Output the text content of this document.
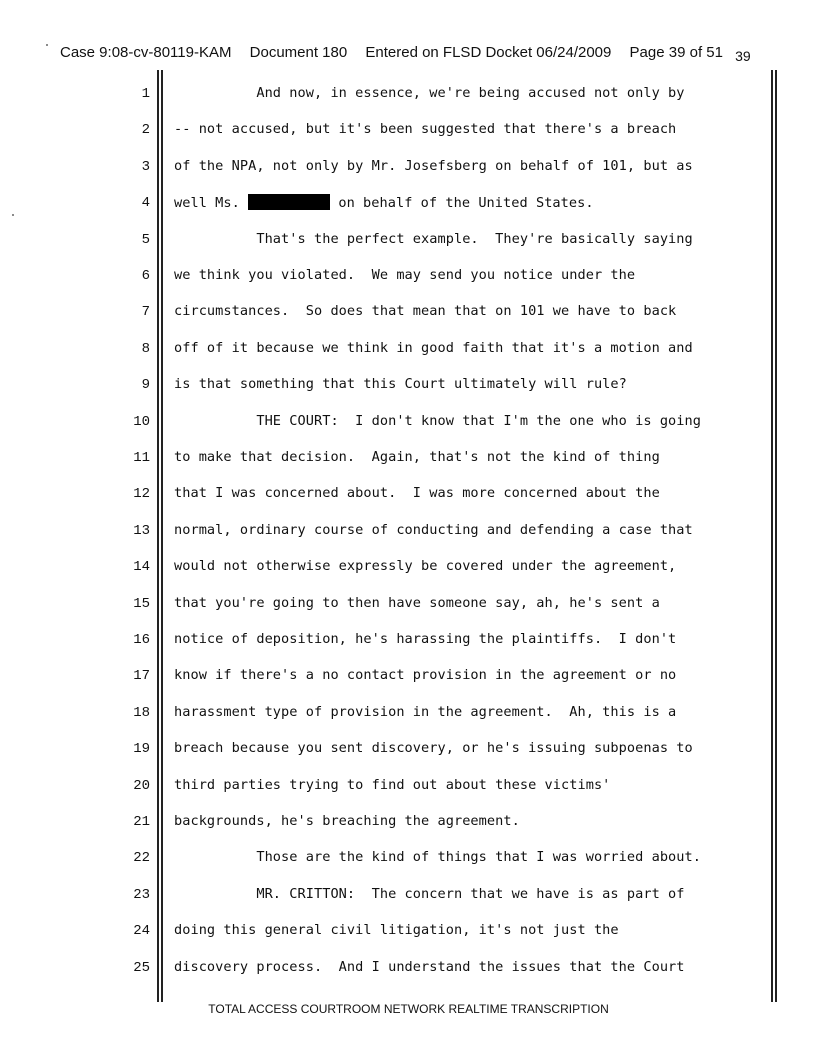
Case 9:08-cv-80119-KAM Document 180 Entered on FLSD Docket 06/24/2009 Page 39 of 51 39
1 And now, in essence, we're being accused not only by
2 -- not accused, but it's been suggested that there's a breach
3 of the NPA, not only by Mr. Josefsberg on behalf of 101, but as
4 well Ms.	on behalf of the United States.
5 That's the perfect example.  They're basically saying
6 we think you violated.  We may send you notice under the
7 circumstances.  So does that mean that on 101 we have to back
8 off of it because we think in good faith that it's a motion and
9 is that something that this Court ultimately will rule?
10 THE COURT:  I don't know that I'm the one who is going
11 to make that decision.  Again, that's not the kind of thing
12 that I was concerned about.  I was more concerned about the
13 normal, ordinary course of conducting and defending a case that
14 would not otherwise expressly be covered under the agreement,
15 that you're going to then have someone say, ah, he's sent a
16 notice of deposition, he's harassing the plaintiffs.  I don't
17 know if there's a no contact provision in the agreement or no
18 harassment type of provision in the agreement.  Ah, this is a
19 breach because you sent discovery, or he's issuing subpoenas to
20 third parties trying to find out about these victims'
21 backgrounds, he's breaching the agreement.
22 Those are the kind of things that I was worried about.
23 MR. CRITTON:  The concern that we have is as part of
24 doing this general civil litigation, it's not just the
25 discovery process.  And I understand the issues that the Court
TOTAL ACCESS COURTROOM NETWORK REALTIME TRANSCRIPTION
